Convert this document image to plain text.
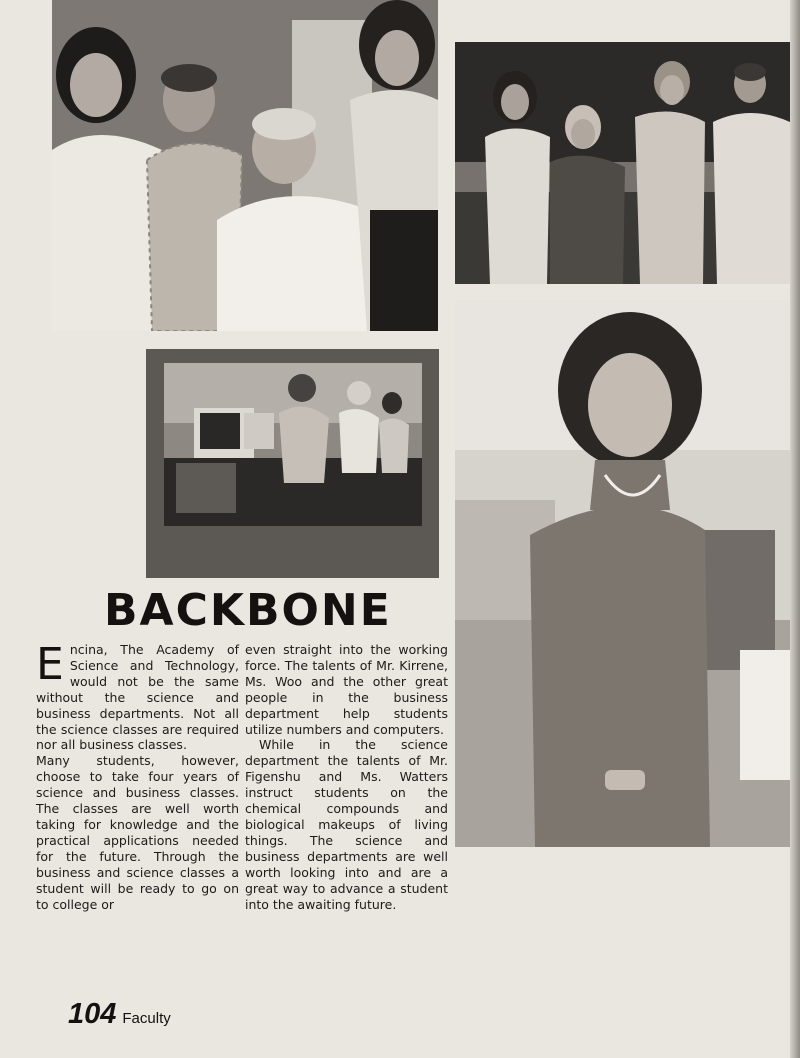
BACKBONE

Encina, The Academy of Science and Technology, would not be the same without the science and business departments. Not all the science classes are required nor all business classes.

Many students, however, choose to take four years of science and business classes. The classes are well worth taking for knowledge and the practical applications needed for the future. Through the business and science classes a student will be ready to go on to college or

even straight into the working force. The talents of Mr. Kirrene, Ms. Woo and the other great people in the business department help students utilize numbers and computers.

While in the science department the talents of Mr. Figenshu and Ms. Watters instruct students on the chemical compounds and biological makeups of living things. The science and business departments are well worth looking into and are a great way to advance a student into the awaiting future.

104 Faculty
